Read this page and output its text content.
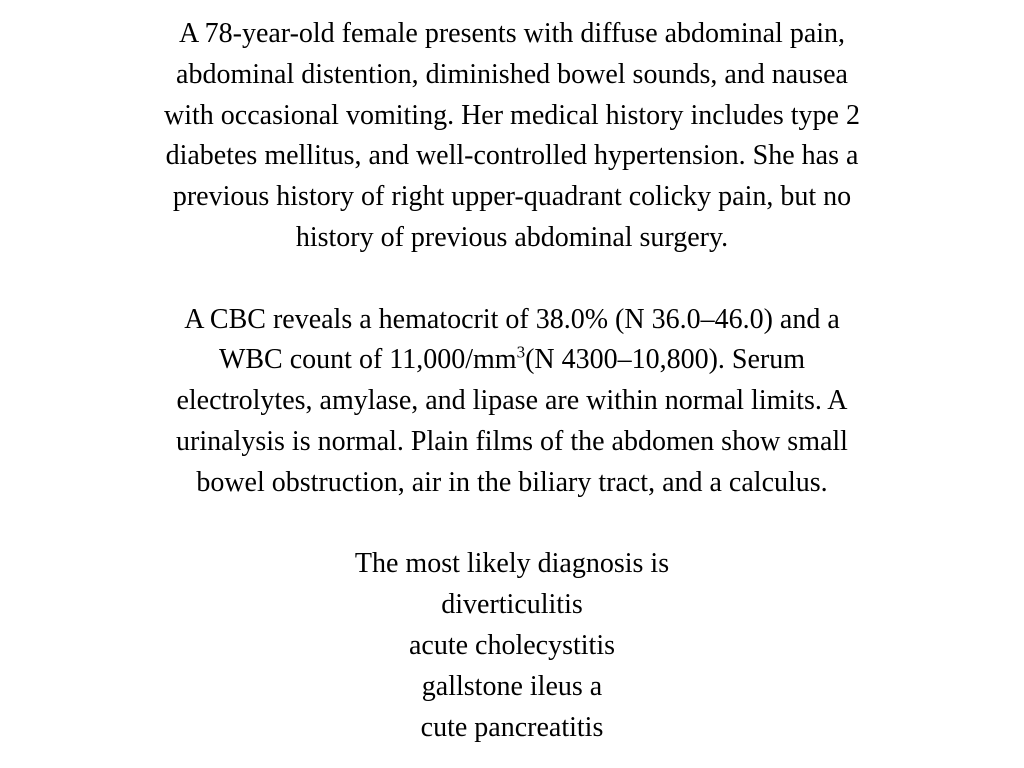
A 78-year-old female presents with diffuse abdominal pain,
abdominal distention, diminished bowel sounds, and nausea
with occasional vomiting. Her medical history includes type 2
diabetes mellitus, and well-controlled hypertension. She has a
previous history of right upper-quadrant colicky pain, but no
history of previous abdominal surgery.

A CBC reveals a hematocrit of 38.0% (N 36.0–46.0) and a
WBC count of $11,000/mm^3(N$ 4300–10,800). Serum
electrolytes, amylase, and lipase are within normal limits. A
urinalysis is normal. Plain films of the abdomen show small
bowel obstruction, air in the biliary tract, and a calculus.

The most likely diagnosis is
diverticulitis
acute cholecystitis
gallstone ileus a
cute pancreatitis
